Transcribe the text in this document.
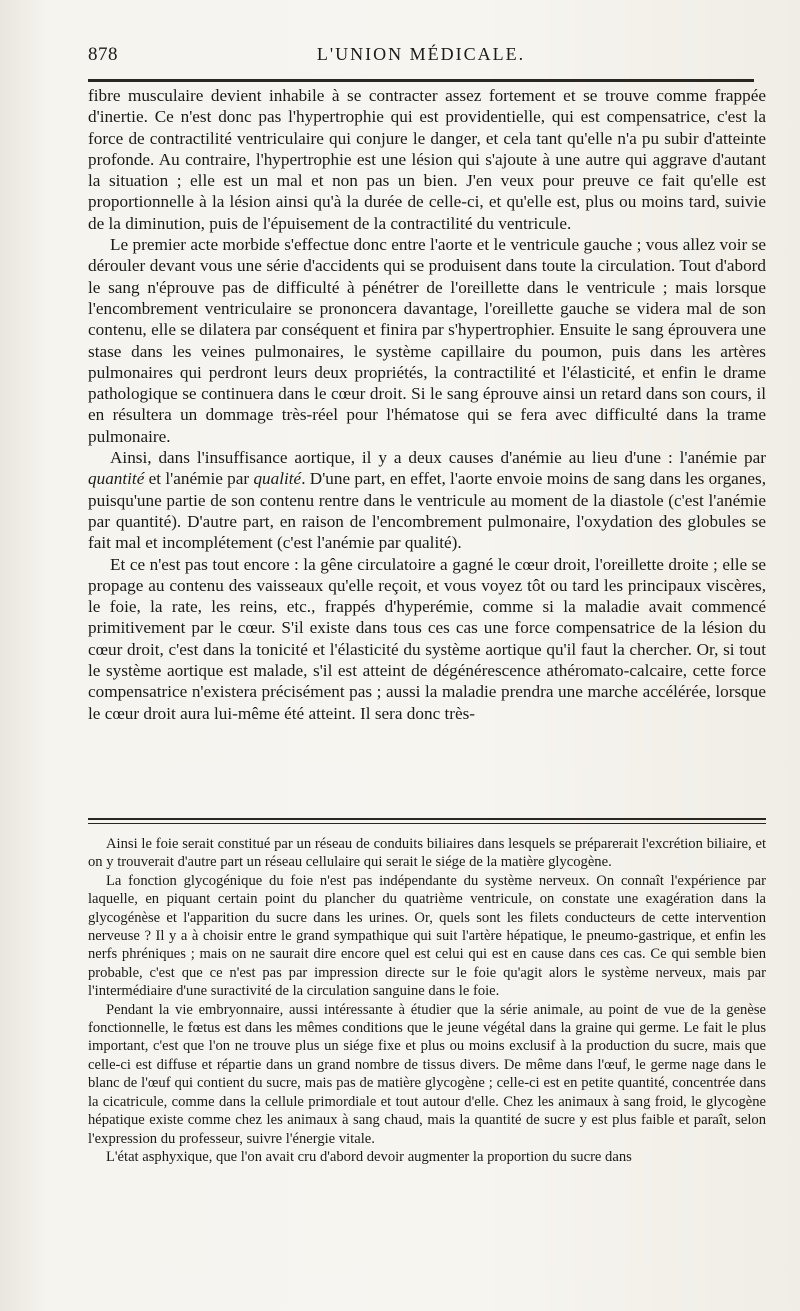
878	L'UNION MÉDICALE.

fibre musculaire devient inhabile à se contracter assez fortement et se trouve comme frappée d'inertie. Ce n'est donc pas l'hypertrophie qui est providentielle, qui est compensatrice, c'est la force de contractilité ventriculaire qui conjure le danger, et cela tant qu'elle n'a pu subir d'atteinte profonde. Au contraire, l'hypertrophie est une lésion qui s'ajoute à une autre qui aggrave d'autant la situation ; elle est un mal et non pas un bien. J'en veux pour preuve ce fait qu'elle est proportionnelle à la lésion ainsi qu'à la durée de celle-ci, et qu'elle est, plus ou moins tard, suivie de la diminution, puis de l'épuisement de la contractilité du ventricule.

Le premier acte morbide s'effectue donc entre l'aorte et le ventricule gauche ; vous allez voir se dérouler devant vous une série d'accidents qui se produisent dans toute la circulation. Tout d'abord le sang n'éprouve pas de difficulté à pénétrer de l'oreillette dans le ventricule ; mais lorsque l'encombrement ventriculaire se prononcera davantage, l'oreillette gauche se videra mal de son contenu, elle se dilatera par conséquent et finira par s'hypertrophier. Ensuite le sang éprouvera une stase dans les veines pulmonaires, le système capillaire du poumon, puis dans les artères pulmonaires qui perdront leurs deux propriétés, la contractilité et l'élasticité, et enfin le drame pathologique se continuera dans le cœur droit. Si le sang éprouve ainsi un retard dans son cours, il en résultera un dommage très-réel pour l'hématose qui se fera avec difficulté dans la trame pulmonaire.

Ainsi, dans l'insuffisance aortique, il y a deux causes d'anémie au lieu d'une : l'anémie par quantité et l'anémie par qualité. D'une part, en effet, l'aorte envoie moins de sang dans les organes, puisqu'une partie de son contenu rentre dans le ventricule au moment de la diastole (c'est l'anémie par quantité). D'autre part, en raison de l'encombrement pulmonaire, l'oxydation des globules se fait mal et incomplétement (c'est l'anémie par qualité).

Et ce n'est pas tout encore : la gêne circulatoire a gagné le cœur droit, l'oreillette droite ; elle se propage au contenu des vaisseaux qu'elle reçoit, et vous voyez tôt ou tard les principaux viscères, le foie, la rate, les reins, etc., frappés d'hyperémie, comme si la maladie avait commencé primitivement par le cœur. S'il existe dans tous ces cas une force compensatrice de la lésion du cœur droit, c'est dans la tonicité et l'élasticité du système aortique qu'il faut la chercher. Or, si tout le système aortique est malade, s'il est atteint de dégénérescence athéromato-calcaire, cette force compensatrice n'existera précisément pas ; aussi la maladie prendra une marche accélérée, lorsque le cœur droit aura lui-même été atteint. Il sera donc très-

Ainsi le foie serait constitué par un réseau de conduits biliaires dans lesquels se préparerait l'excrétion biliaire, et on y trouverait d'autre part un réseau cellulaire qui serait le siége de la matière glycogène.

La fonction glycogénique du foie n'est pas indépendante du système nerveux. On connaît l'expérience par laquelle, en piquant certain point du plancher du quatrième ventricule, on constate une exagération dans la glycogénèse et l'apparition du sucre dans les urines. Or, quels sont les filets conducteurs de cette intervention nerveuse ? Il y a à choisir entre le grand sympathique qui suit l'artère hépatique, le pneumo-gastrique, et enfin les nerfs phréniques ; mais on ne saurait dire encore quel est celui qui est en cause dans ces cas. Ce qui semble bien probable, c'est que ce n'est pas par impression directe sur le foie qu'agit alors le système nerveux, mais par l'intermédiaire d'une suractivité de la circulation sanguine dans le foie.

Pendant la vie embryonnaire, aussi intéressante à étudier que la série animale, au point de vue de la genèse fonctionnelle, le fœtus est dans les mêmes conditions que le jeune végétal dans la graine qui germe. Le fait le plus important, c'est que l'on ne trouve plus un siége fixe et plus ou moins exclusif à la production du sucre, mais que celle-ci est diffuse et répartie dans un grand nombre de tissus divers. De même dans l'œuf, le germe nage dans le blanc de l'œuf qui contient du sucre, mais pas de matière glycogène ; celle-ci est en petite quantité, concentrée dans la cicatricule, comme dans la cellule primordiale et tout autour d'elle. Chez les animaux à sang froid, le glycogène hépatique existe comme chez les animaux à sang chaud, mais la quantité de sucre y est plus faible et paraît, selon l'expression du professeur, suivre l'énergie vitale.

L'état asphyxique, que l'on avait cru d'abord devoir augmenter la proportion du sucre dans
